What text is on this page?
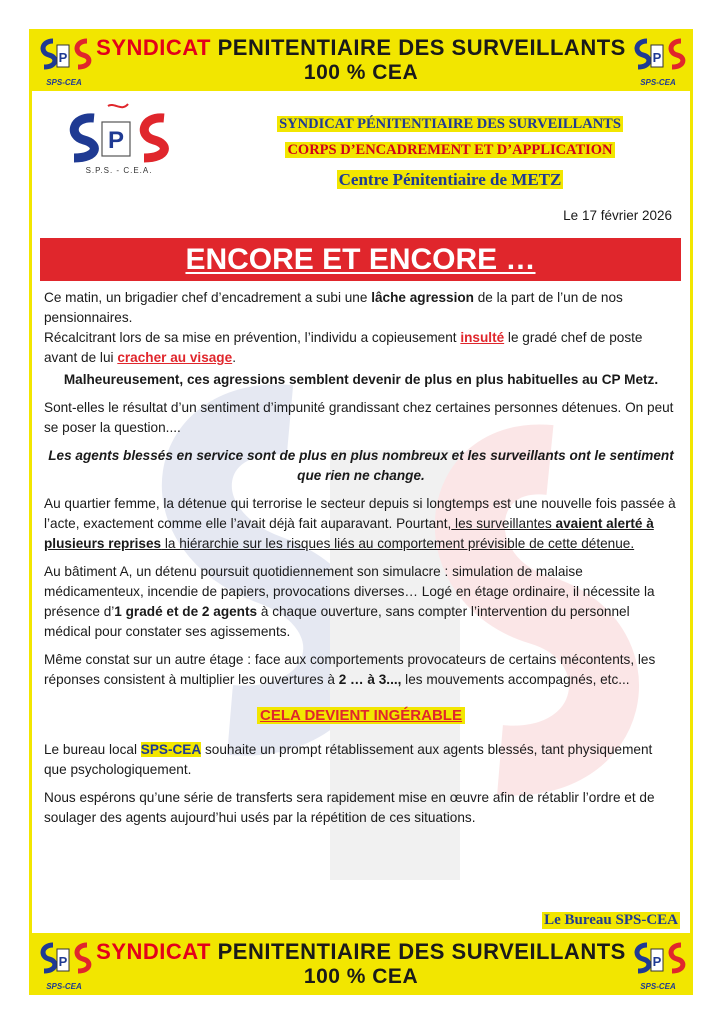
P
SPS-CEA
SYNDICAT PENITENTIAIRE DES SURVEILLANTS
100 % CEA
P
SPS-CEA
P
S.P.S. - C.E.A.
SYNDICAT PÉNITENTIAIRE DES SURVEILLANTS
CORPS D’ENCADREMENT ET D’APPLICATION
Centre Pénitentiaire de METZ
Le 17 février 2026
ENCORE ET ENCORE …

Ce matin, un brigadier chef d’encadrement a subi une lâche agression de la part de l’un de nos pensionnaires.

Récalcitrant lors de sa mise en prévention, l’individu a copieusement insulté le gradé chef de poste avant de lui cracher au visage.

Malheureusement, ces agressions semblent devenir de plus en plus habituelles au CP Metz.

Sont-elles le résultat d’un sentiment d’impunité grandissant chez certaines personnes détenues. On peut se poser la question....

Les agents blessés en service sont de plus en plus nombreux et les surveillants ont le sentiment que rien ne change.

Au quartier femme, la détenue qui terrorise le secteur depuis si longtemps est une nouvelle fois passée à l’acte, exactement comme elle l’avait déjà fait auparavant. Pourtant, les surveillantes avaient alerté à plusieurs reprises la hiérarchie sur les risques liés au comportement prévisible de cette détenue.

Au bâtiment A, un détenu poursuit quotidiennement son simulacre : simulation de malaise médicamenteux, incendie de papiers, provocations diverses… Logé en étage ordinaire, il nécessite la présence d’1 gradé et de 2 agents à chaque ouverture, sans compter l’intervention du personnel médical pour constater ses agissements.

Même constat sur un autre étage : face aux comportements provocateurs de certains mécontents, les réponses consistent à multiplier les ouvertures à 2 … à 3..., les mouvements accompagnés, etc...

CELA DEVIENT INGÉRABLE

Le bureau local SPS-CEA souhaite un prompt rétablissement aux agents blessés, tant physiquement que psychologiquement.

Nous espérons qu’une série de transferts sera rapidement mise en œuvre afin de rétablir l’ordre et de soulager des agents aujourd’hui usés par la répétition de ces situations.

Le Bureau SPS-CEA
P
SPS-CEA
SYNDICAT PENITENTIAIRE DES SURVEILLANTS
100 % CEA
P
SPS-CEA
